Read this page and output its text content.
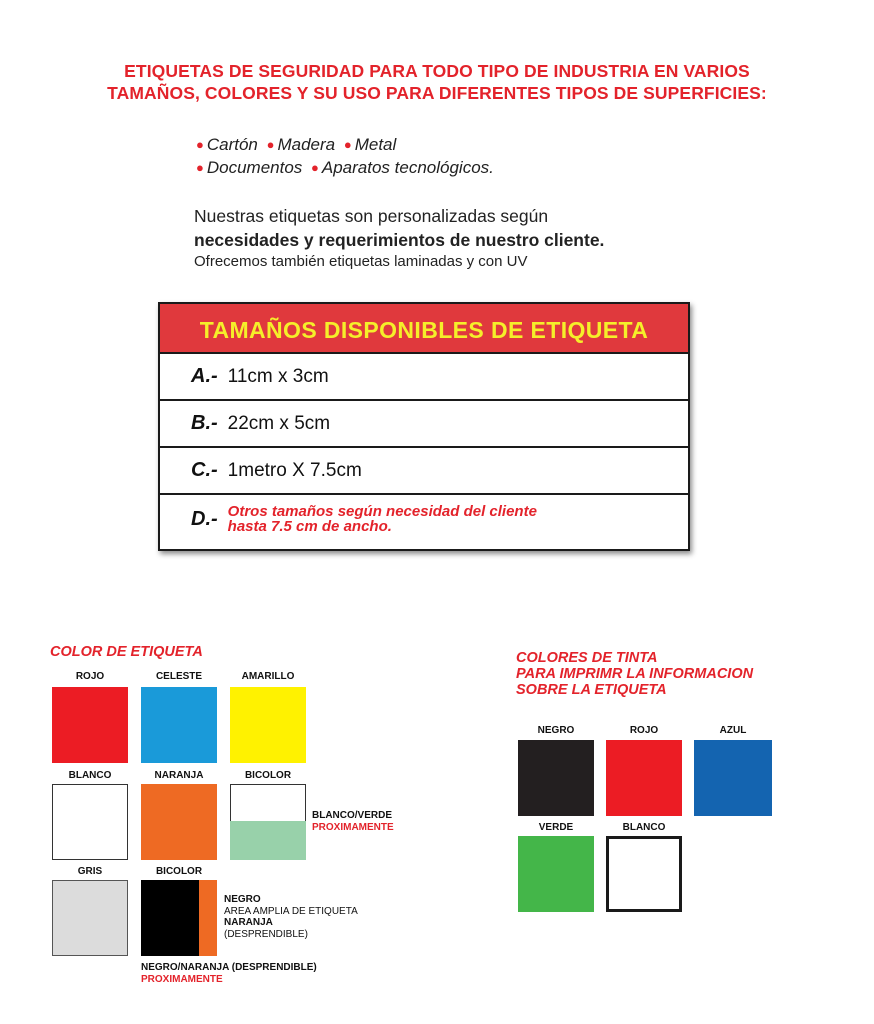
ETIQUETAS DE SEGURIDAD PARA TODO TIPO DE INDUSTRIA EN VARIOS
TAMAÑOS, COLORES Y SU USO PARA DIFERENTES TIPOS DE SUPERFICIES:
● Cartón ● Madera ● Metal
● Documentos ● Aparatos tecnológicos.
Nuestras etiquetas son personalizadas según
necesidades y requerimientos de nuestro cliente.
Ofrecemos también etiquetas laminadas y con UV
TAMAÑOS DISPONIBLES DE ETIQUETA
A.- 11cm x 3cm
B.- 22cm x 5cm
C.- 1metro X 7.5cm
D.- Otros tamaños según necesidad del cliente
hasta 7.5 cm de ancho.
COLOR DE ETIQUETA
ROJO	CELESTE	AMARILLO
BLANCO	NARANJA	BICOLOR
BLANCO/VERDE
PROXIMAMENTE
GRIS	BICOLOR
NEGRO
AREA AMPLIA DE ETIQUETA
NARANJA
(DESPRENDIBLE)
NEGRO/NARANJA (DESPRENDIBLE)
PROXIMAMENTE
COLORES DE TINTA
PARA IMPRIMR LA INFORMACION
SOBRE LA ETIQUETA
NEGRO	ROJO	AZUL
VERDE	BLANCO
